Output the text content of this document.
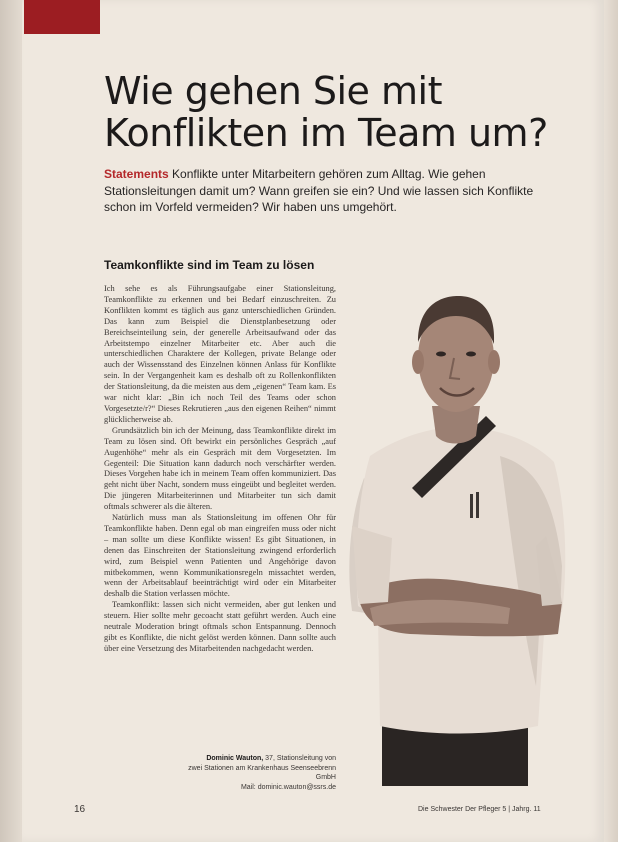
Wie gehen Sie mit
Konflikten im Team um?
Statements Konflikte unter Mitarbeitern gehören zum Alltag. Wie gehen Stationsleitungen damit um? Wann greifen sie ein? Und wie lassen sich Konflikte schon im Vorfeld vermeiden? Wir haben uns umgehört.
Teamkonflikte sind im Team zu lösen

Ich sehe es als Führungsaufgabe einer Stationsleitung, Teamkonflikte zu erkennen und bei Bedarf einzuschreiten. Zu Konflikten kommt es täglich aus ganz unterschiedlichen Gründen. Das kann zum Beispiel die Dienstplanbesetzung oder Bereichseinteilung sein, der generelle Arbeitsaufwand oder das Arbeitstempo einzelner Mitarbeiter etc. Aber auch die unterschiedlichen Charaktere der Kollegen, private Belange oder auch der Wissensstand des Einzelnen können Anlass für Konflikte sein. In der Vergangenheit kam es deshalb oft zu Rollenkonflikten der Stationsleitung, da die meisten aus dem „eigenen“ Team kam. Es war nicht klar: „Bin ich noch Teil des Teams oder schon Vorgesetzte/r?“ Dieses Rekrutieren „aus den eigenen Reihen“ nimmt glücklicherweise ab.

Grundsätzlich bin ich der Meinung, dass Teamkonflikte direkt im Team zu lösen sind. Oft bewirkt ein persönliches Gespräch „auf Augenhöhe“ mehr als ein Gespräch mit dem Vorgesetzten. Im Gegenteil: Die Situation kann dadurch noch verschärfter werden. Dieses Vorgehen habe ich in meinem Team offen kommuniziert. Das geht nicht über Nacht, sondern muss eingeübt und begleitet werden. Die jüngeren Mitarbeiterinnen und Mitarbeiter tun sich damit oftmals schwerer als die älteren.

Natürlich muss man als Stationsleitung im offenen Ohr für Teamkonflikte haben. Denn egal ob man eingreifen muss oder nicht – man sollte um diese Konflikte wissen! Es gibt Situationen, in denen das Einschreiten der Stationsleitung zwingend erforderlich wird, zum Beispiel wenn Patienten und Angehörige davon mitbekommen, wenn Kommunikationsregeln missachtet werden, wenn der Arbeitsablauf beeinträchtigt wird oder ein Mitarbeiter deshalb die Station verlassen möchte.

Teamkonflikt: lassen sich nicht vermeiden, aber gut lenken und steuern. Hier sollte mehr gecoacht statt geführt werden. Auch eine neutrale Moderation bringt oftmals schon Entspannung. Dennoch gibt es Konflikte, die nicht gelöst werden können. Dann sollte auch über eine Versetzung des Mitarbeitenden nachgedacht werden.

Dominic Wauton, 37, Stationsleitung von
zwei Stationen am Krankenhaus Seenseebrenn GmbH
Mail: dominic.wauton@ssrs.de
16	Die Schwester Der Pfleger 5 | Jahrg. 11
